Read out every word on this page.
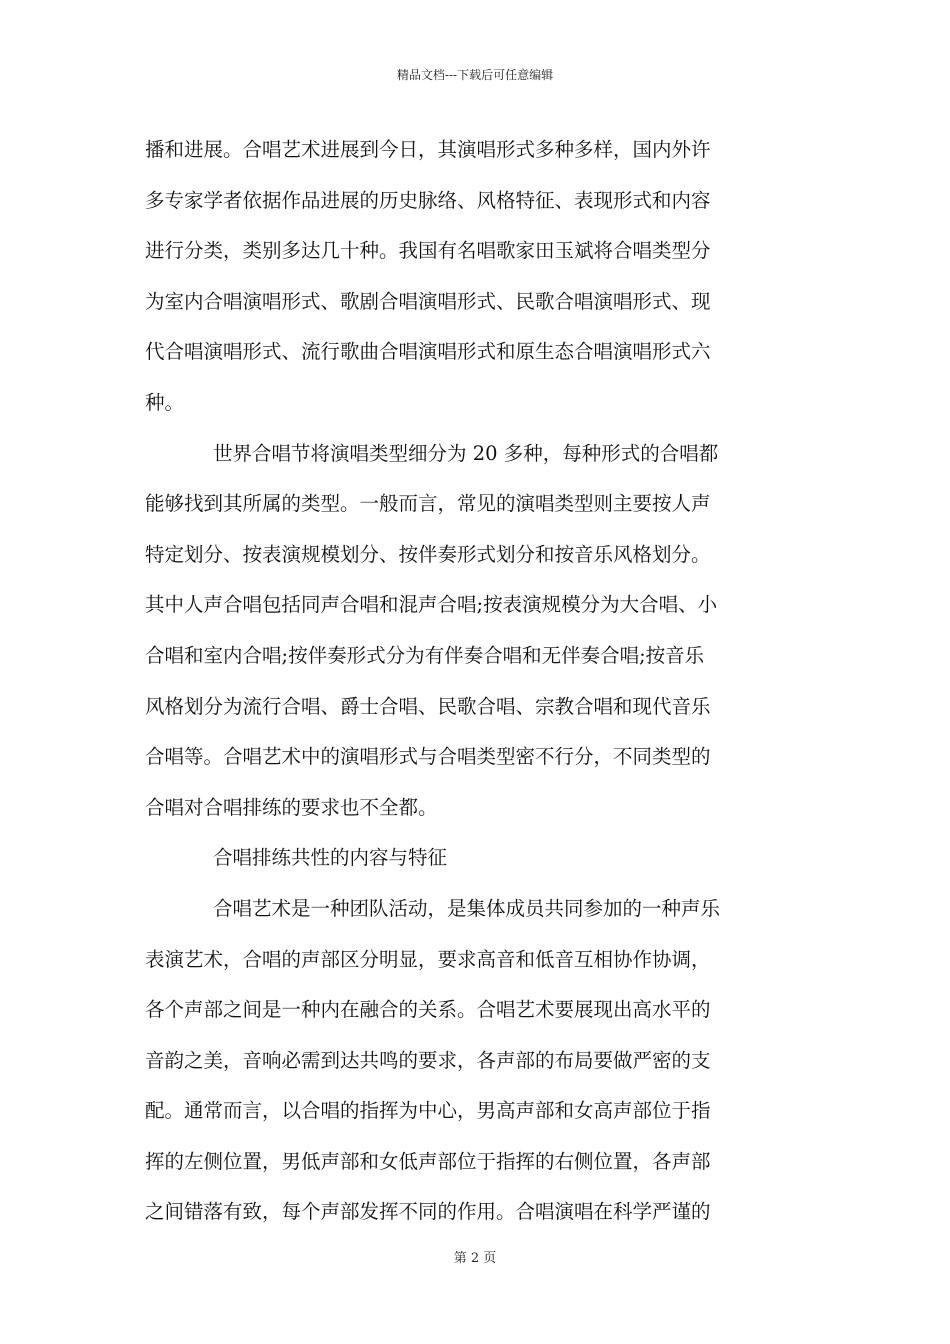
精品文档---下载后可任意编辑
播和进展。合唱艺术进展到今日，其演唱形式多种多样，国内外许
多专家学者依据作品进展的历史脉络、风格特征、表现形式和内容
进行分类，类别多达几十种。我国有名唱歌家田玉斌将合唱类型分
为室内合唱演唱形式、歌剧合唱演唱形式、民歌合唱演唱形式、现
代合唱演唱形式、流行歌曲合唱演唱形式和原生态合唱演唱形式六
种。
世界合唱节将演唱类型细分为 20 多种，每种形式的合唱都
能够找到其所属的类型。一般而言，常见的演唱类型则主要按人声
特定划分、按表演规模划分、按伴奏形式划分和按音乐风格划分。
其中人声合唱包括同声合唱和混声合唱;按表演规模分为大合唱、小
合唱和室内合唱;按伴奏形式分为有伴奏合唱和无伴奏合唱;按音乐
风格划分为流行合唱、爵士合唱、民歌合唱、宗教合唱和现代音乐
合唱等。合唱艺术中的演唱形式与合唱类型密不行分，不同类型的
合唱对合唱排练的要求也不全都。
合唱排练共性的内容与特征
合唱艺术是一种团队活动，是集体成员共同参加的一种声乐
表演艺术，合唱的声部区分明显，要求高音和低音互相协作协调，
各个声部之间是一种内在融合的关系。合唱艺术要展现出高水平的
音韵之美，音响必需到达共鸣的要求，各声部的布局要做严密的支
配。通常而言，以合唱的指挥为中心，男高声部和女高声部位于指
挥的左侧位置，男低声部和女低声部位于指挥的右侧位置，各声部
之间错落有致，每个声部发挥不同的作用。合唱演唱在科学严谨的
第 2 页
